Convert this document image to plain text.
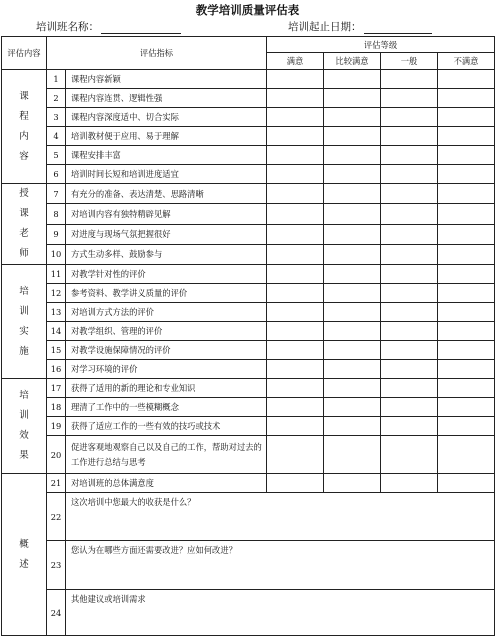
教学培训质量评估表
培训班名称：	培训起止日期：
评估内容	评估指标		评估等级			
			满意	比较满意	一般	不满意

课
程
内
容	1	课程内容新颖				
	2	课程内容连贯、逻辑性强				
	3	课程内容深度适中、切合实际				
	4	培训教材便于应用、易于理解				
	5	课程安排丰富				
	6	培训时间长短和培训进度适宜				

授
课
老
师	7	有充分的准备、表达清楚、思路清晰				
	8	对培训内容有独特精辟见解				
	9	对进度与现场气氛把握很好				
	10	方式生动多样、鼓励参与				

培
训
实
施	11	对教学针对性的评价				
	12	参考资料、教学讲义质量的评价				
	13	对培训方式方法的评价				
	14	对教学组织、管理的评价				
	15	对教学设施保障情况的评价				
	16	对学习环境的评价				

培
训
效
果	17	获得了适用的新的理论和专业知识				
	18	理清了工作中的一些模糊概念				
	19	获得了适应工作的一些有效的技巧或技术				
	20	促进客观地观察自己以及自己的工作，帮助对过去的工作进行总结与思考				

概
述	21	对培训班的总体满意度				
	22	这次培训中您最大的收获是什么？				
	23	您认为在哪些方面还需要改进？应如何改进？				
	24	其他建议或培训需求				
